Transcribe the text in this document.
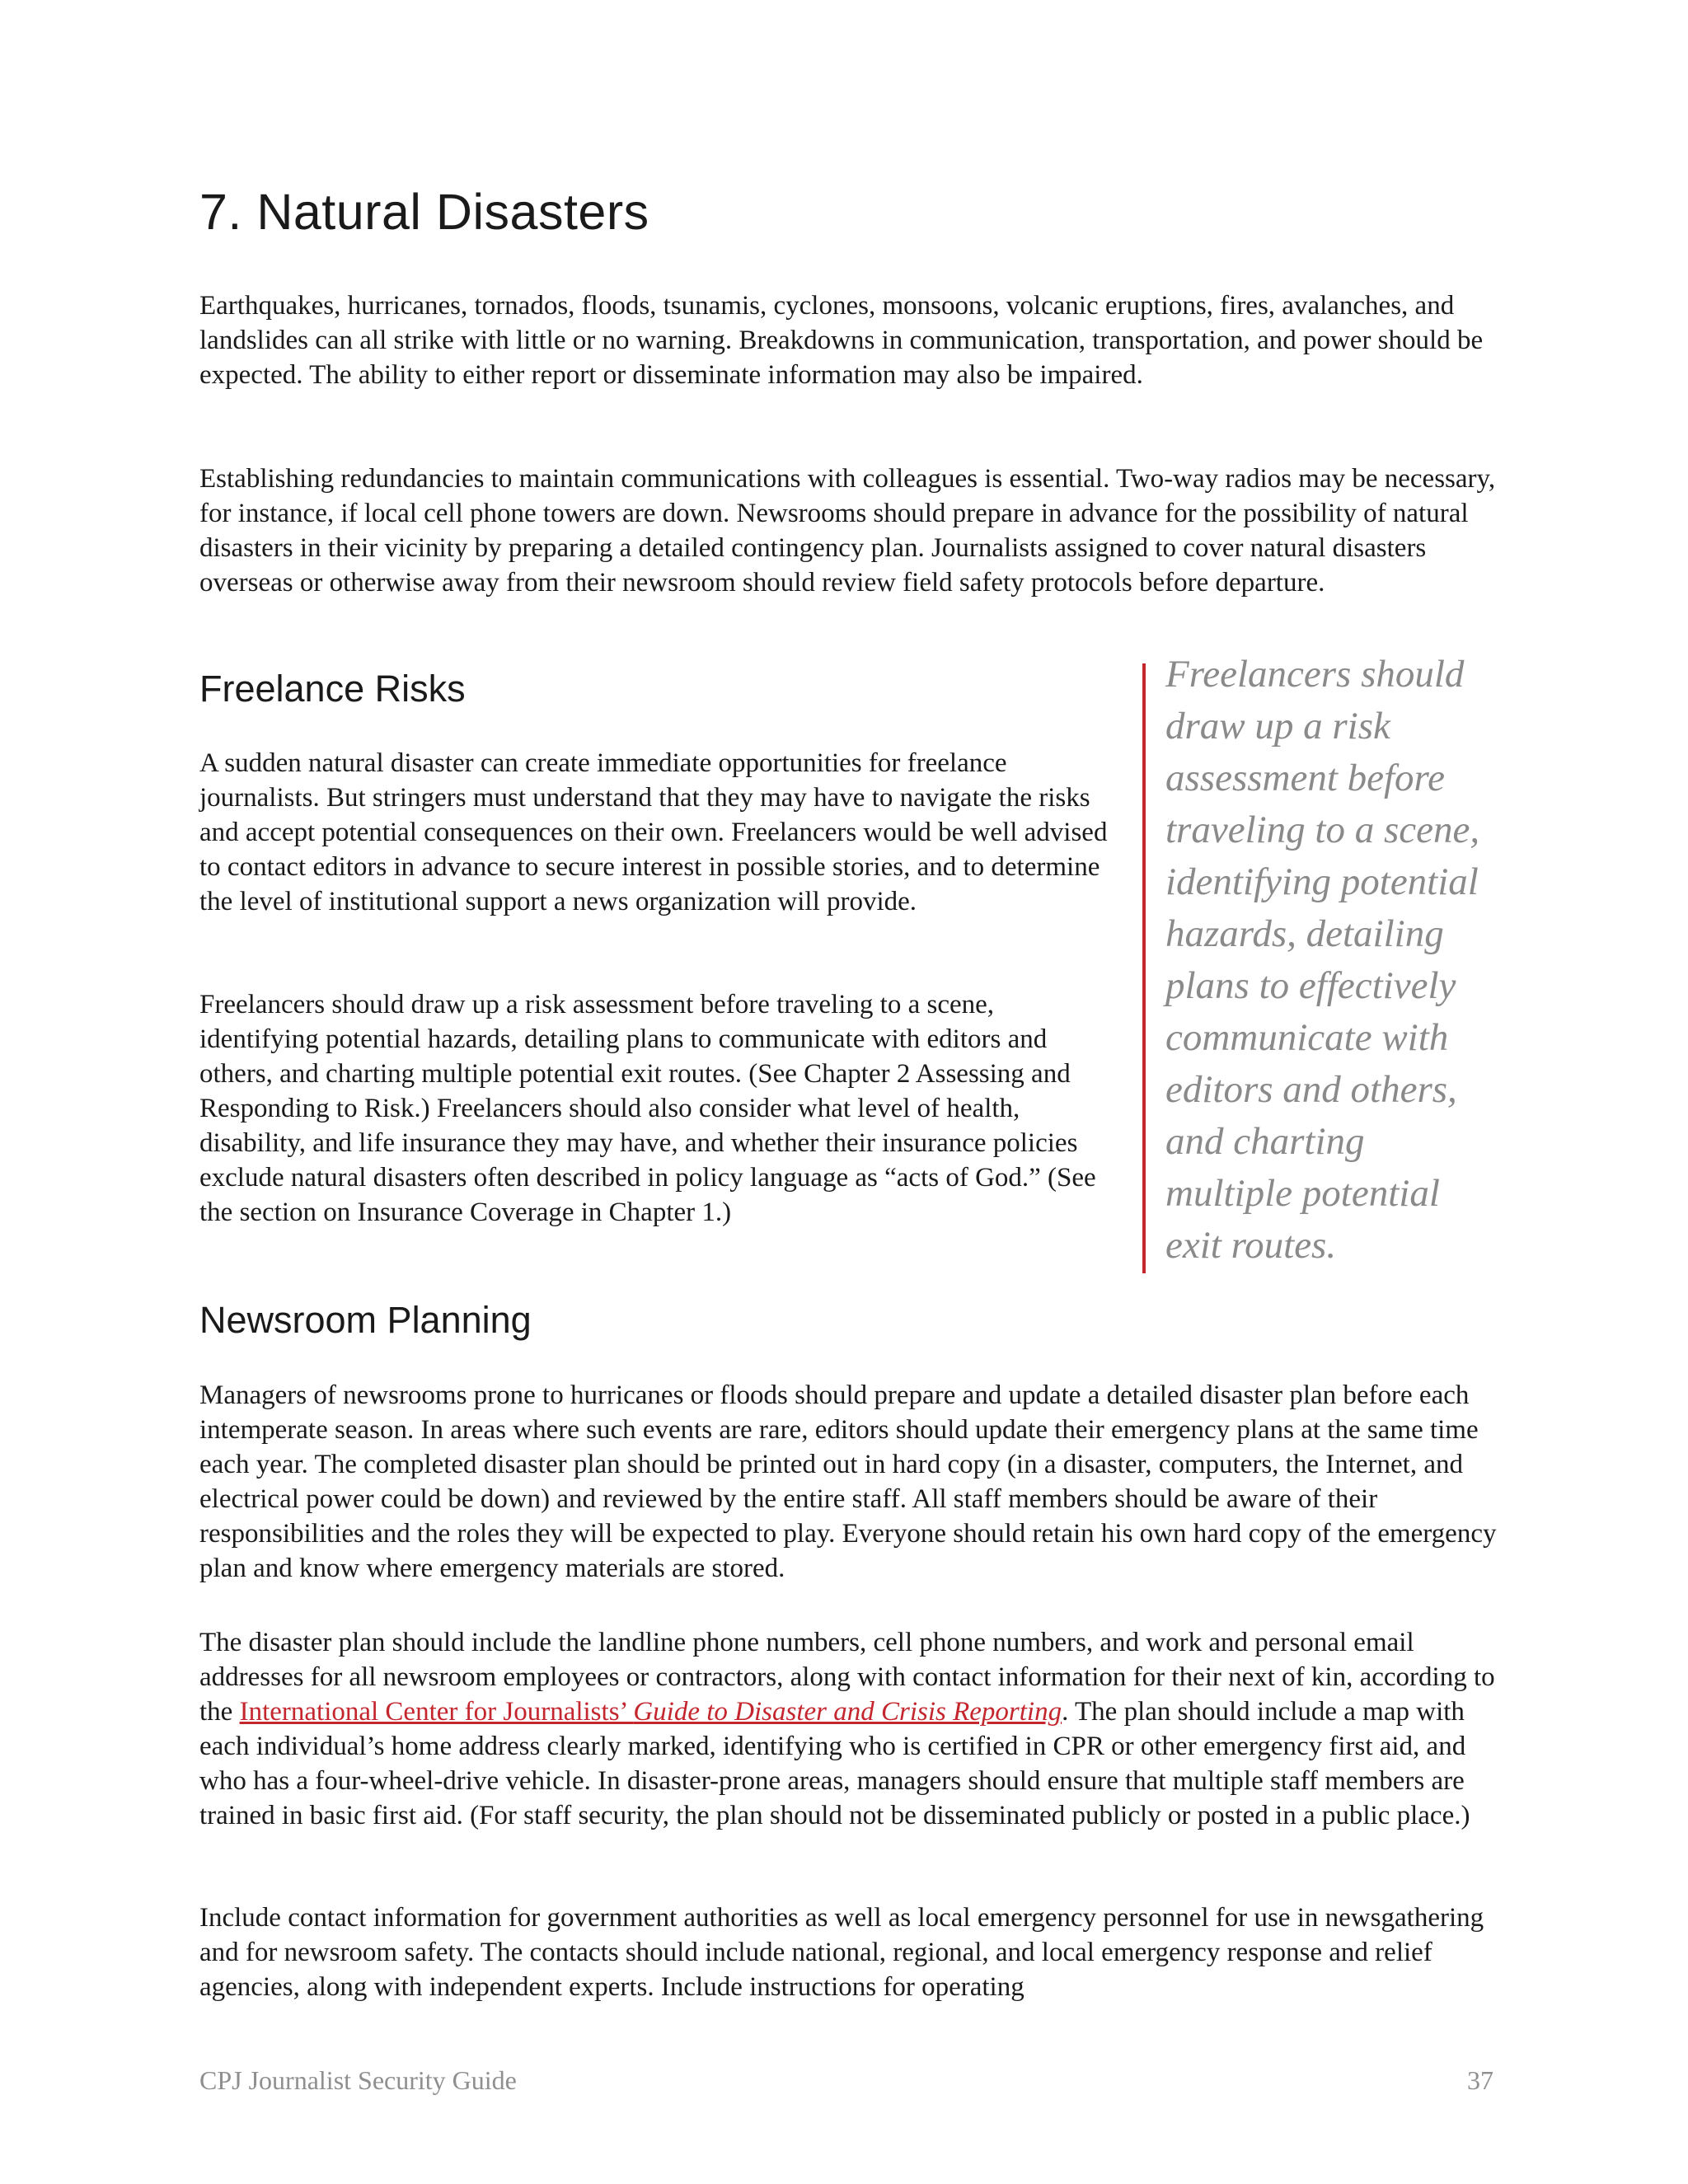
7. Natural Disasters

Earthquakes, hurricanes, tornados, floods, tsunamis, cyclones, monsoons, volcanic eruptions, fires, avalanches, and landslides can all strike with little or no warning. Breakdowns in communication, transportation, and power should be expected. The ability to either report or disseminate information may also be impaired.

Establishing redundancies to maintain communications with colleagues is essential. Two-way radios may be necessary, for instance, if local cell phone towers are down. Newsrooms should prepare in advance for the possibility of natural disasters in their vicinity by preparing a detailed contingency plan. Journalists assigned to cover natural disasters overseas or otherwise away from their newsroom should review field safety protocols before departure.

Freelance Risks

A sudden natural disaster can create immediate opportunities for freelance journalists. But stringers must understand that they may have to navigate the risks and accept potential consequences on their own. Freelancers would be well advised to contact editors in advance to secure interest in possible stories, and to determine the level of institutional support a news organization will provide.

Freelancers should draw up a risk assessment before traveling to a scene, identifying potential hazards, detailing plans to communicate with editors and others, and charting multiple potential exit routes. (See Chapter 2 Assessing and Responding to Risk.) Freelancers should also consider what level of health, disability, and life insurance they may have, and whether their insurance policies exclude natural disasters often described in policy language as “acts of God.” (See the section on Insurance Coverage in Chapter 1.)

Freelancers should draw up a risk assessment before traveling to a scene, identifying potential hazards, detailing plans to effectively communicate with editors and others, and charting multiple potential exit routes.

Newsroom Planning

Managers of newsrooms prone to hurricanes or floods should prepare and update a detailed disaster plan before each intemperate season. In areas where such events are rare, editors should update their emergency plans at the same time each year. The completed disaster plan should be printed out in hard copy (in a disaster, computers, the Internet, and electrical power could be down) and reviewed by the entire staff. All staff members should be aware of their responsibilities and the roles they will be expected to play. Everyone should retain his own hard copy of the emergency plan and know where emergency materials are stored.

The disaster plan should include the landline phone numbers, cell phone numbers, and work and personal email addresses for all newsroom employees or contractors, along with contact information for their next of kin, according to the International Center for Journalists’ Guide to Disaster and Crisis Reporting. The plan should include a map with each individual’s home address clearly marked, identifying who is certified in CPR or other emergency first aid, and who has a four-wheel-drive vehicle. In disaster-prone areas, managers should ensure that multiple staff members are trained in basic first aid. (For staff security, the plan should not be disseminated publicly or posted in a public place.)

Include contact information for government authorities as well as local emergency personnel for use in newsgathering and for newsroom safety. The contacts should include national, regional, and local emergency response and relief agencies, along with independent experts. Include instructions for operating

CPJ Journalist Security Guide	37
